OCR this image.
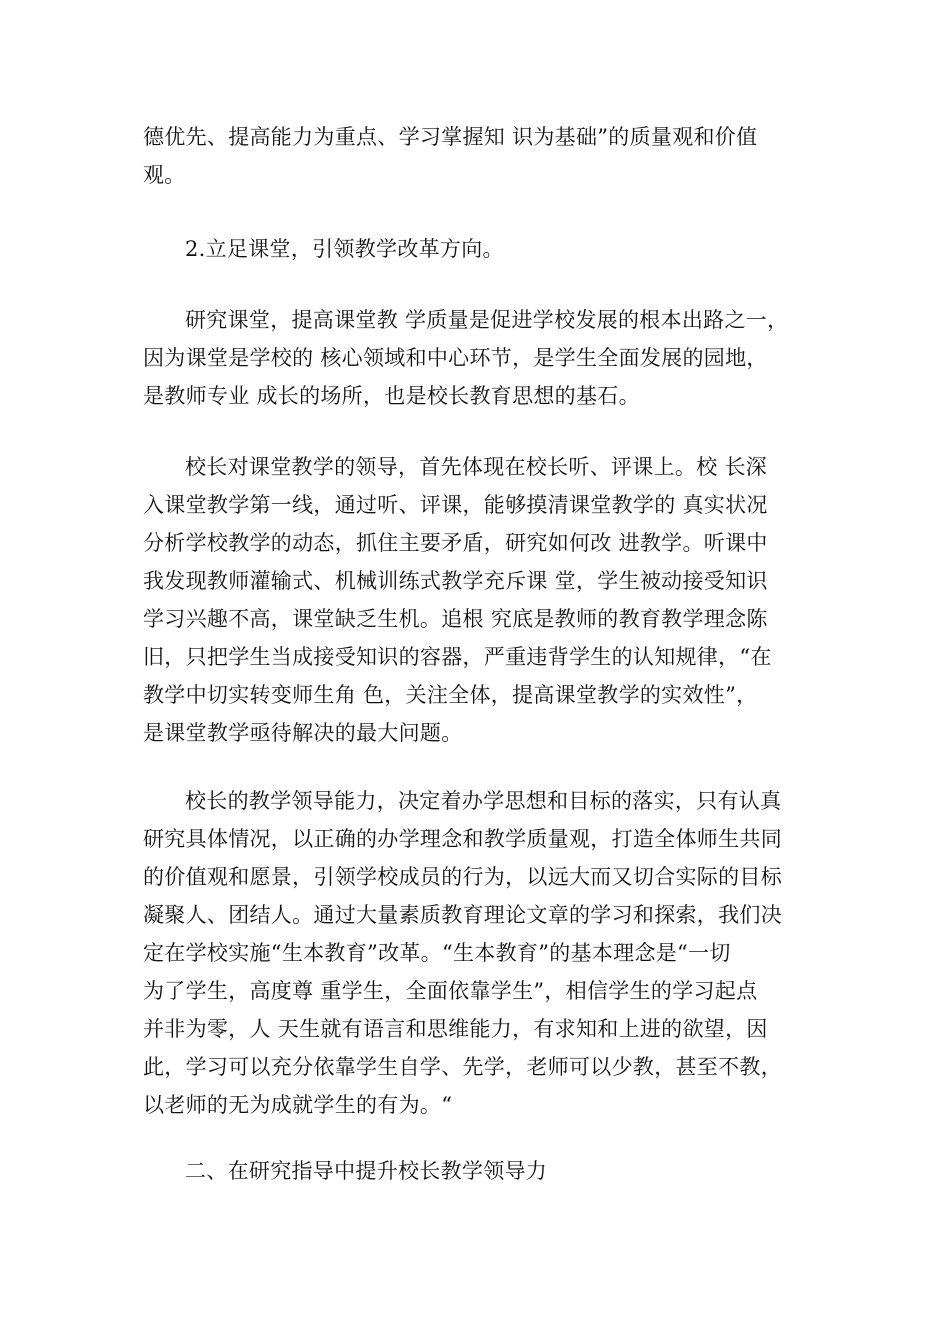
德优先、提高能力为重点、学习掌握知 识为基础”的质量观和价值
观。
2.立足课堂，引领教学改革方向。
研究课堂，提高课堂教 学质量是促进学校发展的根本出路之一，
因为课堂是学校的 核心领域和中心环节，是学生全面发展的园地，
是教师专业 成长的场所，也是校长教育思想的基石。
校长对课堂教学的领导，首先体现在校长听、评课上。校 长深
入课堂教学第一线，通过听、评课，能够摸清课堂教学的 真实状况
分析学校教学的动态，抓住主要矛盾，研究如何改 进教学。听课中
我发现教师灌输式、机械训练式教学充斥课 堂，学生被动接受知识
学习兴趣不高，课堂缺乏生机。追根 究底是教师的教育教学理念陈
旧，只把学生当成接受知识的容器，严重违背学生的认知规律，“在
教学中切实转变师生角 色，关注全体，提高课堂教学的实效性”，
是课堂教学亟待解决的最大问题。
校长的教学领导能力，决定着办学思想和目标的落实，只有认真
研究具体情况，以正确的办学理念和教学质量观，打造全体师生共同
的价值观和愿景，引领学校成员的行为，以远大而又切合实际的目标
凝聚人、团结人。通过大量素质教育理论文章的学习和探索，我们决
定在学校实施“生本教育”改革。“生本教育”的基本理念是“一切
为了学生，高度尊 重学生，全面依靠学生”，相信学生的学习起点
并非为零，人 天生就有语言和思维能力，有求知和上进的欲望，因
此，学习可以充分依靠学生自学、先学，老师可以少教，甚至不教，
以老师的无为成就学生的有为。“
二、在研究指导中提升校长教学领导力
